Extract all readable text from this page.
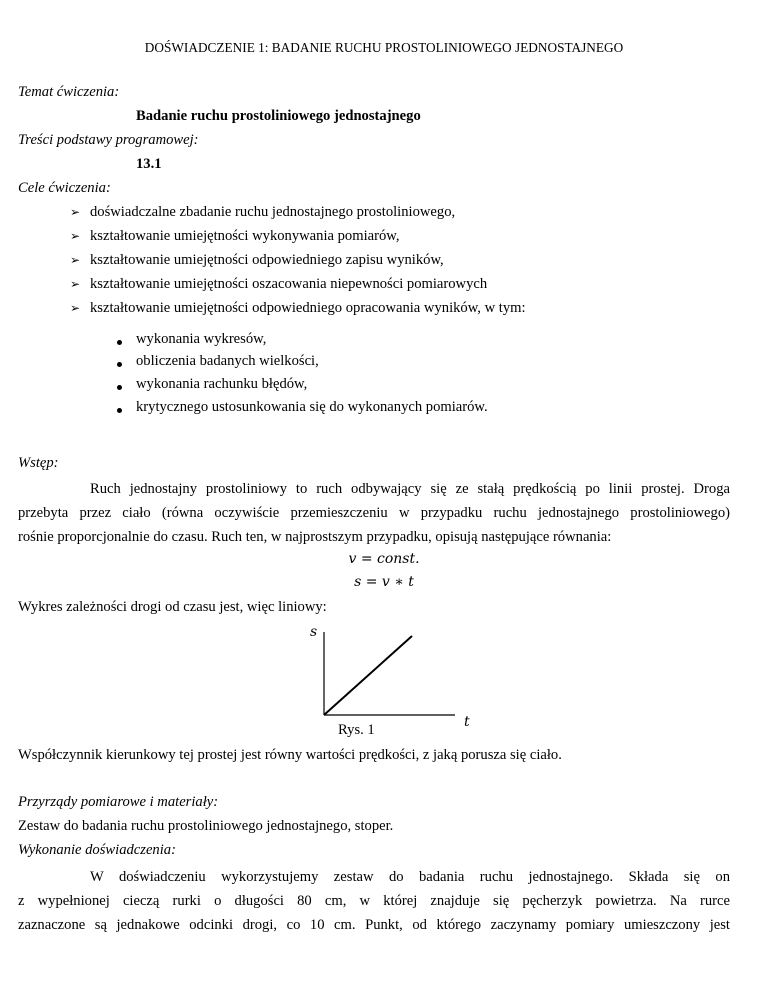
DOŚWIADCZENIE 1: BADANIE RUCHU PROSTOLINIOWEGO JEDNOSTAJNEGO
Temat ćwiczenia:
Badanie ruchu prostoliniowego jednostajnego
Treści podstawy programowej:
13.1
Cele ćwiczenia:
➢ doświadczalne zbadanie ruchu jednostajnego prostoliniowego,
➢ kształtowanie umiejętności wykonywania pomiarów,
➢ kształtowanie umiejętności odpowiedniego zapisu wyników,
➢ kształtowanie umiejętności oszacowania niepewności pomiarowych
➢ kształtowanie umiejętności odpowiedniego opracowania wyników, w tym:
wykonania wykresów,
obliczenia badanych wielkości,
wykonania rachunku błędów,
krytycznego ustosunkowania się do wykonanych pomiarów.
Wstęp:
Ruch jednostajny prostoliniowy to ruch odbywający się ze stałą prędkością po linii prostej. Droga
przebyta przez ciało (równa oczywiście przemieszczeniu w przypadku ruchu jednostajnego prostoliniowego)
rośnie proporcjonalnie do czasu. Ruch ten, w najprostszym przypadku, opisują następujące równania:
v = const.
s = v ∗ t
Wykres zależności drogi od czasu jest, więc liniowy:
s
t
Rys. 1
Współczynnik kierunkowy tej prostej jest równy wartości prędkości, z jaką porusza się ciało.
Przyrządy pomiarowe i materiały:
Zestaw do badania ruchu prostoliniowego jednostajnego, stoper.
Wykonanie doświadczenia:
W doświadczeniu wykorzystujemy zestaw do badania ruchu jednostajnego. Składa się on
z wypełnionej cieczą rurki o długości 80 cm, w której znajduje się pęcherzyk powietrza. Na rurce
zaznaczone są jednakowe odcinki drogi, co 10 cm. Punkt, od którego zaczynamy pomiary umieszczony jest
